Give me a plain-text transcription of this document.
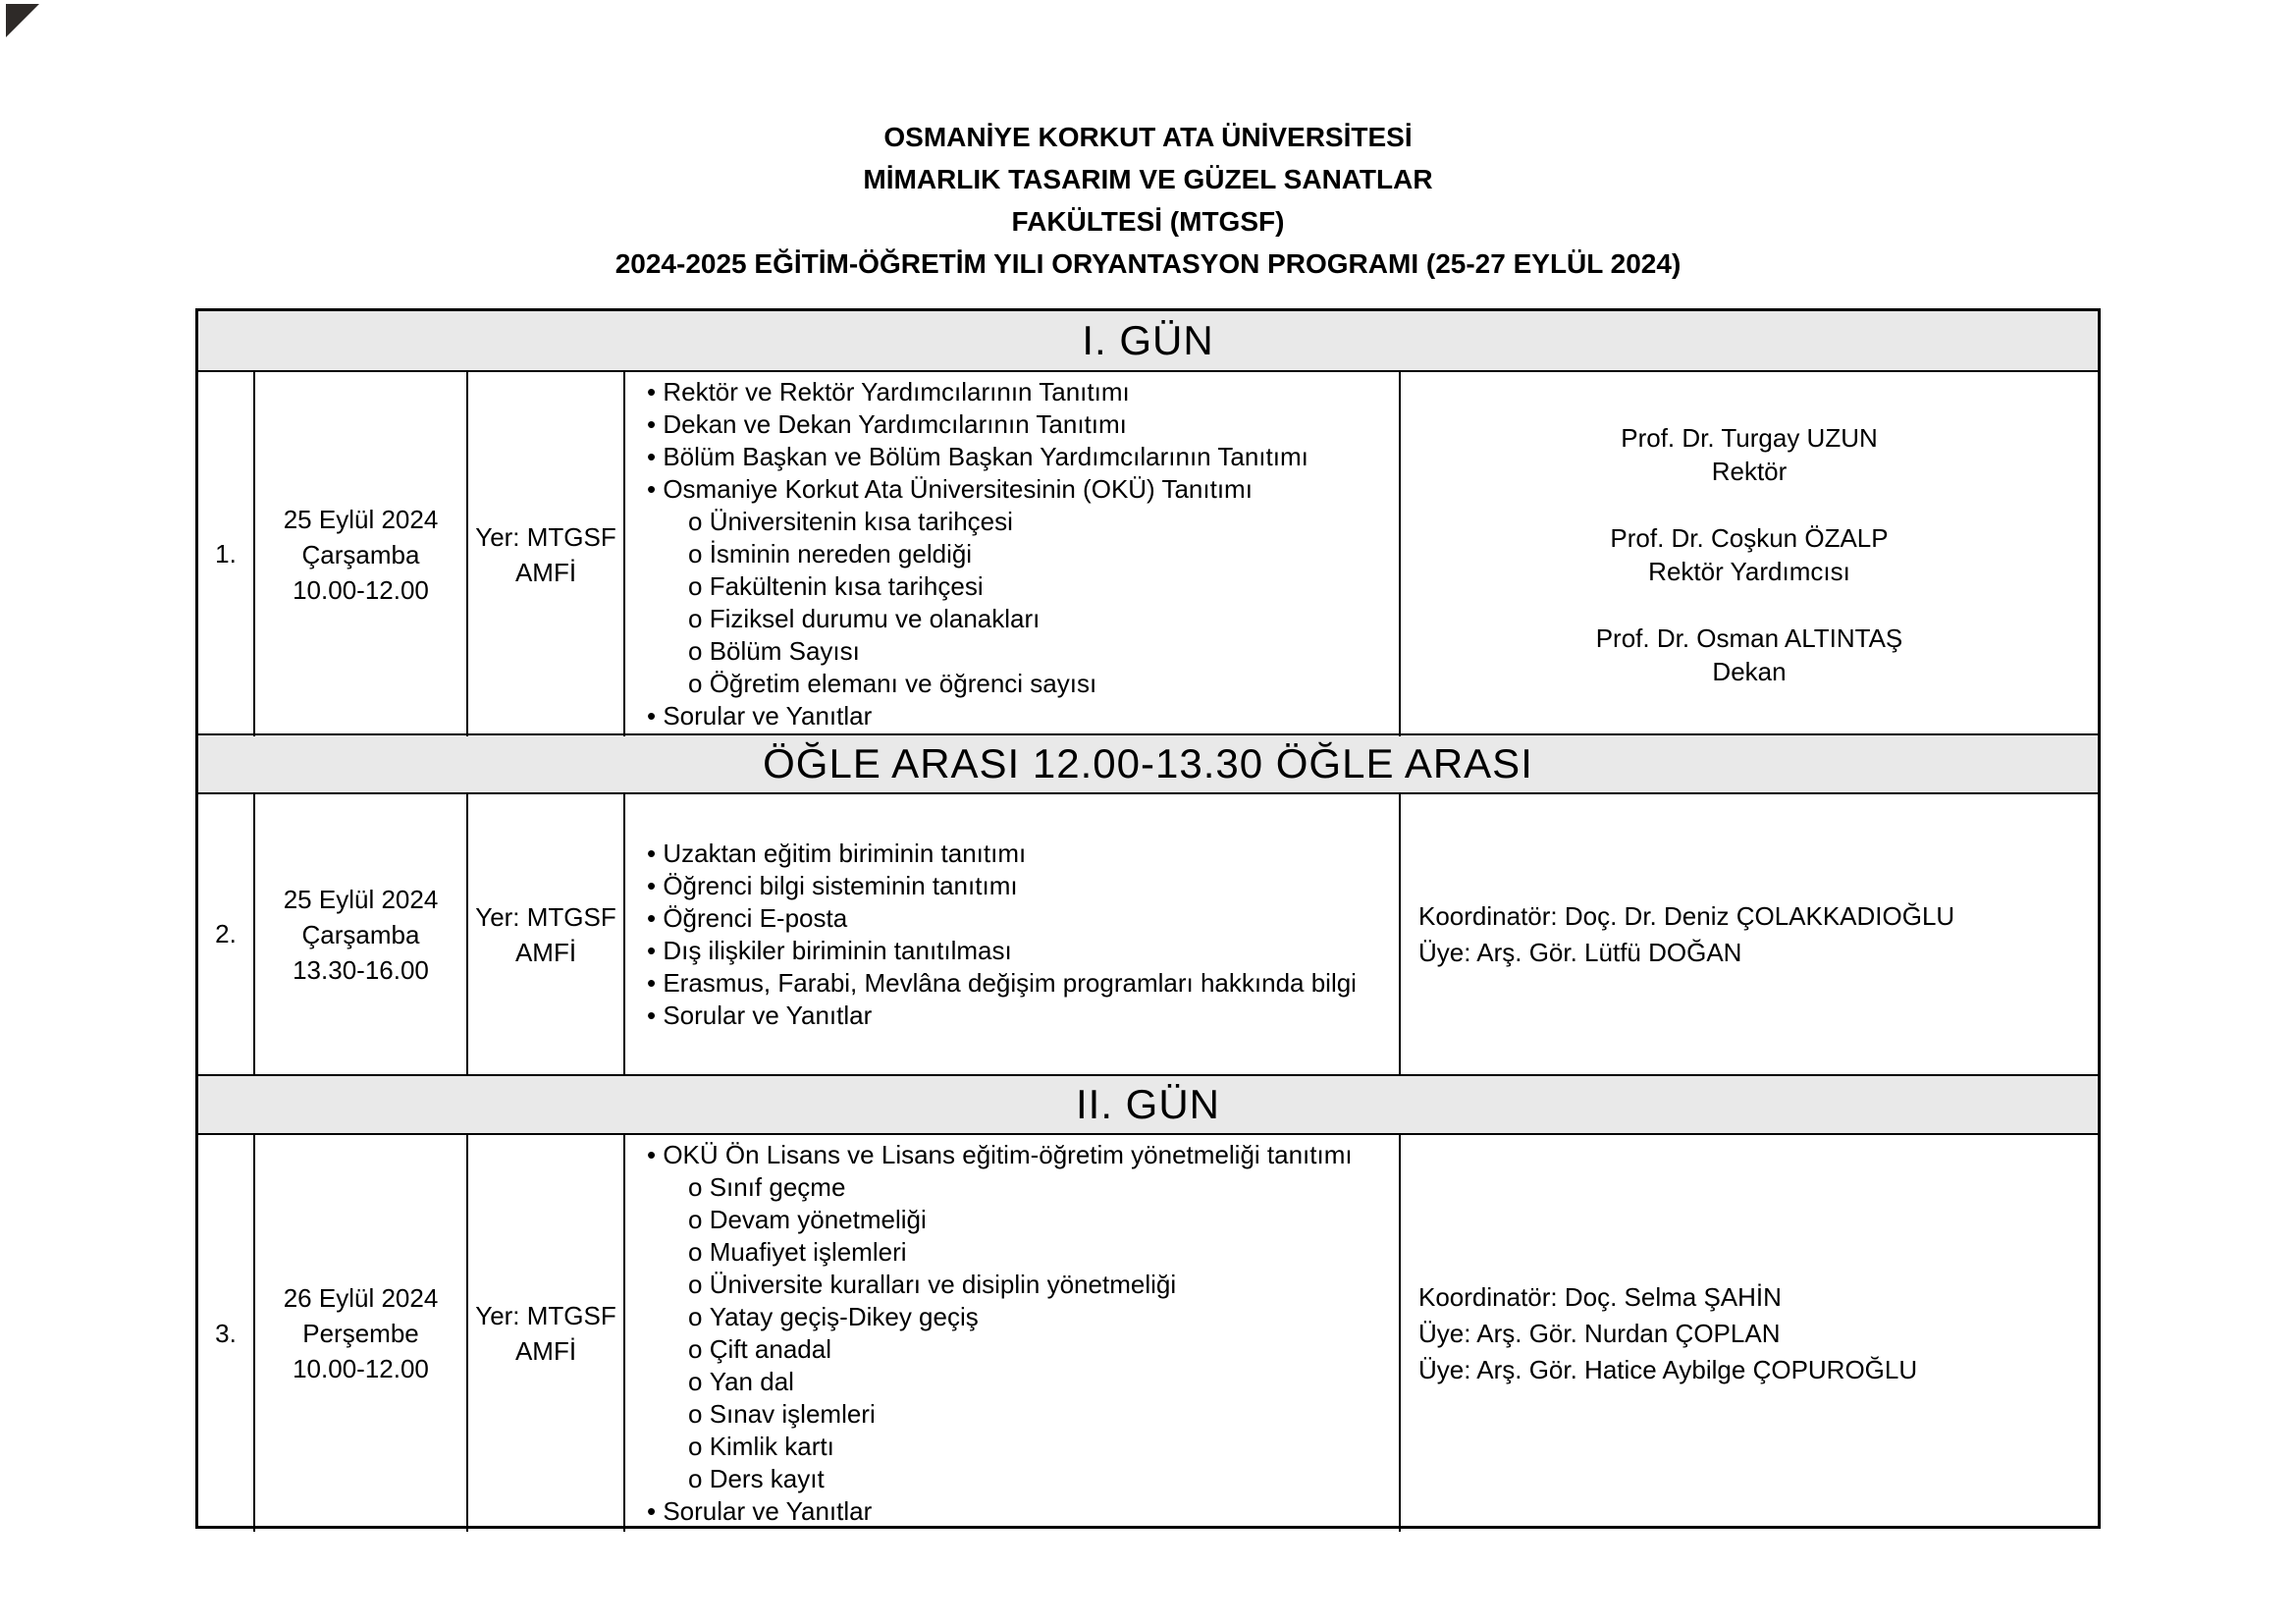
OSMANİYE KORKUT ATA ÜNİVERSİTESİ
MİMARLIK TASARIM VE GÜZEL SANATLAR
FAKÜLTESİ (MTGSF)
2024-2025 EĞİTİM-ÖĞRETİM YILI ORYANTASYON PROGRAMI (25-27 EYLÜL 2024)
I. GÜN
1.
25 Eylül 2024
Çarşamba
10.00-12.00
Yer: MTGSF
AMFİ
• Rektör ve Rektör Yardımcılarının Tanıtımı
• Dekan ve Dekan Yardımcılarının Tanıtımı
• Bölüm Başkan ve Bölüm Başkan Yardımcılarının Tanıtımı
• Osmaniye Korkut Ata Üniversitesinin (OKÜ) Tanıtımı
o Üniversitenin kısa tarihçesi
o İsminin nereden geldiği
o Fakültenin kısa tarihçesi
o Fiziksel durumu ve olanakları
o Bölüm Sayısı
o Öğretim elemanı ve öğrenci sayısı
• Sorular ve Yanıtlar
Prof. Dr. Turgay UZUN
Rektör
Prof. Dr. Coşkun ÖZALP
Rektör Yardımcısı
Prof. Dr. Osman ALTINTAŞ
Dekan
ÖĞLE ARASI 12.00-13.30 ÖĞLE ARASI
2.
25 Eylül 2024
Çarşamba
13.30-16.00
Yer: MTGSF
AMFİ
• Uzaktan eğitim biriminin tanıtımı
• Öğrenci bilgi sisteminin tanıtımı
• Öğrenci E-posta
• Dış ilişkiler biriminin tanıtılması
• Erasmus, Farabi, Mevlâna değişim programları hakkında bilgi
• Sorular ve Yanıtlar
Koordinatör: Doç. Dr. Deniz ÇOLAKKADIOĞLU
Üye: Arş. Gör. Lütfü DOĞAN
II. GÜN
3.
26 Eylül 2024
Perşembe
10.00-12.00
Yer: MTGSF
AMFİ
• OKÜ Ön Lisans ve Lisans eğitim-öğretim yönetmeliği tanıtımı
o Sınıf geçme
o Devam yönetmeliği
o Muafiyet işlemleri
o Üniversite kuralları ve disiplin yönetmeliği
o Yatay geçiş-Dikey geçiş
o Çift anadal
o Yan dal
o Sınav işlemleri
o Kimlik kartı
o Ders kayıt
• Sorular ve Yanıtlar
Koordinatör: Doç. Selma ŞAHİN
Üye: Arş. Gör. Nurdan ÇOPLAN
Üye: Arş. Gör. Hatice Aybilge ÇOPUROĞLU
